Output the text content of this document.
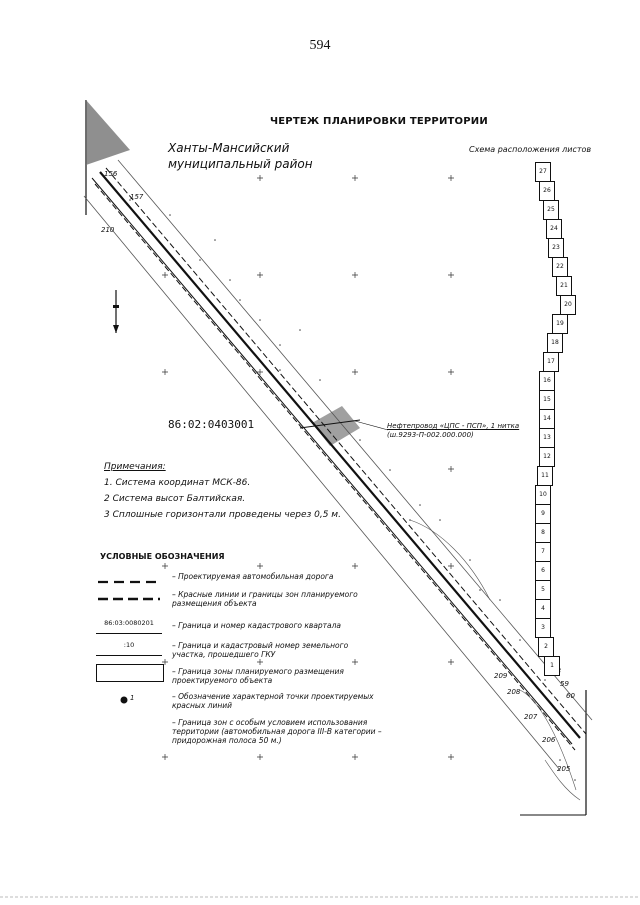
594
156
157
210
209
208
207
206
205
59
60
ЧЕРТЕЖ ПЛАНИРОВКИ ТЕРРИТОРИИ
Ханты-Мансийский
муниципальный район
Схема расположения листов
27
26
25
24
23
22
21
20
19
18
17
16
15
14
13
12
11
10
9
8
7
6
5
4
3
2
1
86:02:0403001	Нефтепровод «ЦПС - ПСП», 1 нитка
(ш.9293-П-002.000.000)
Примечания:
1. Система координат МСК-86.
2 Система высот Балтийская.
3 Сплошные горизонтали проведены через 0,5 м.
УСЛОВНЫЕ ОБОЗНАЧЕНИЯ
– Проектируемая автомобильная дорога
– Красные линии и границы зон планируемого размещения объекта
86:03:0080201	– Граница и номер кадастрового квартала
:10	– Граница и кадастровый номер земельного участка, прошедшего ГКУ
– Граница зоны планируемого размещения проектируемого объекта
1	– Обозначение характерной точки проектируемых красных линий
– Граница зон с особым условием использования территории (автомобильная дорога III-В категории – придорожная полоса 50 м.)
